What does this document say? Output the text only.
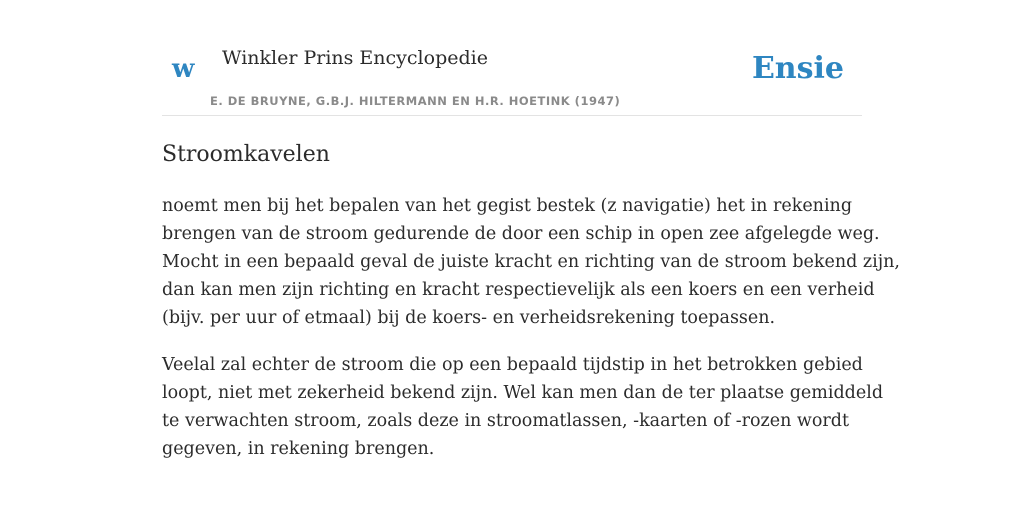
w Winkler Prins Encyclopedie
E. DE BRUYNE, G.B.J. HILTERMANN EN H.R. HOETINK (1947)
Ensie
Stroomkavelen

noemt men bij het bepalen van het gegist bestek (z navigatie) het in rekening
brengen van de stroom gedurende de door een schip in open zee afgelegde weg.
Mocht in een bepaald geval de juiste kracht en richting van de stroom bekend zijn,
dan kan men zijn richting en kracht respectievelijk als een koers en een verheid
(bijv. per uur of etmaal) bij de koers- en verheidsrekening toepassen.

Veelal zal echter de stroom die op een bepaald tijdstip in het betrokken gebied
loopt, niet met zekerheid bekend zijn. Wel kan men dan de ter plaatse gemiddeld
te verwachten stroom, zoals deze in stroomatlassen, -kaarten of -rozen wordt
gegeven, in rekening brengen.
